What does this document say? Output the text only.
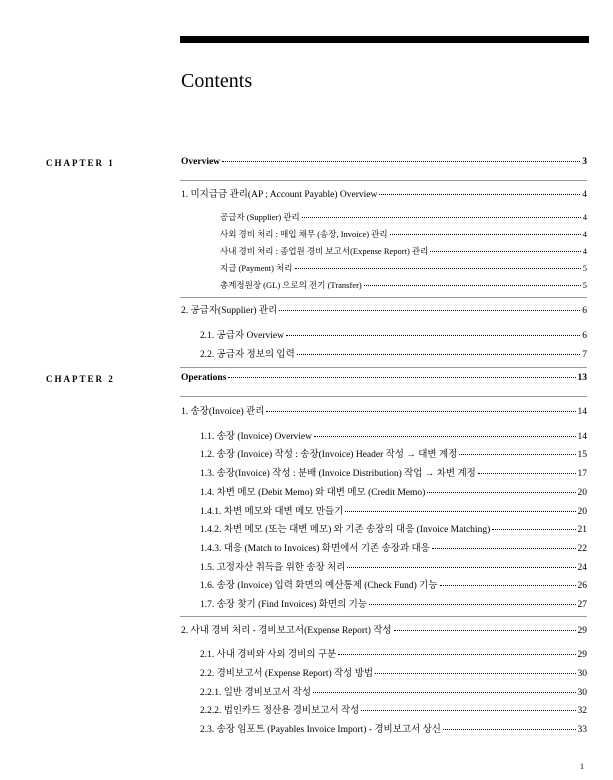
Contents
CHAPTER 1
CHAPTER 2
Overview	3
1. 미지급금 관리(AP ; Account Payable) Overview	4
공급자 (Supplier) 관리	4
사외 경비 처리 : 매입 채무 (송장, Invoice) 관리	4
사내 경비 처리 : 종업원 경비 보고서(Expense Report) 관리	4
지급 (Payment) 처리	5
총계정원장 (GL) 으로의 전기 (Transfer)	5
2. 공급자(Supplier) 관리	6
2.1. 공급자 Overview	6
2.2. 공급자 정보의 입력	7
Operations	13
1. 송장(Invoice) 관리	14
1.1. 송장 (Invoice) Overview	14
1.2. 송장 (Invoice) 작성 : 송장(Invoice) Header 작성 → 대변 계정	15
1.3. 송장(Invoice) 작성 : 분배 (Invoice Distribution) 작업 → 차변 계정	17
1.4. 차변 메모 (Debit Memo) 와 대변 메모 (Credit Memo)	20
1.4.1. 차변 메모와 대변 메모 만들기	20
1.4.2. 차변 메모 (또는 대변 메모) 와 기존 송장의 대응 (Invoice Matching)	21
1.4.3. 대응 (Match to Invoices) 화면에서 기존 송장과 대응	22
1.5. 고정자산 취득을 위한 송장 처리	24
1.6. 송장 (Invoice) 입력 화면의 예산통제 (Check Fund) 기능	26
1.7. 송장 찾기 (Find Invoices) 화면의 기능	27
2. 사내 경비 처리 - 경비보고서(Expense Report) 작성	29
2.1. 사내 경비와 사외 경비의 구분	29
2.2. 경비보고서 (Expense Report) 작성 방법	30
2.2.1. 일반 경비보고서 작성	30
2.2.2. 법인카드 정산용 경비보고서 작성	32
2.3. 송장 임포트 (Payables Invoice Import) - 경비보고서 상신	33
1
